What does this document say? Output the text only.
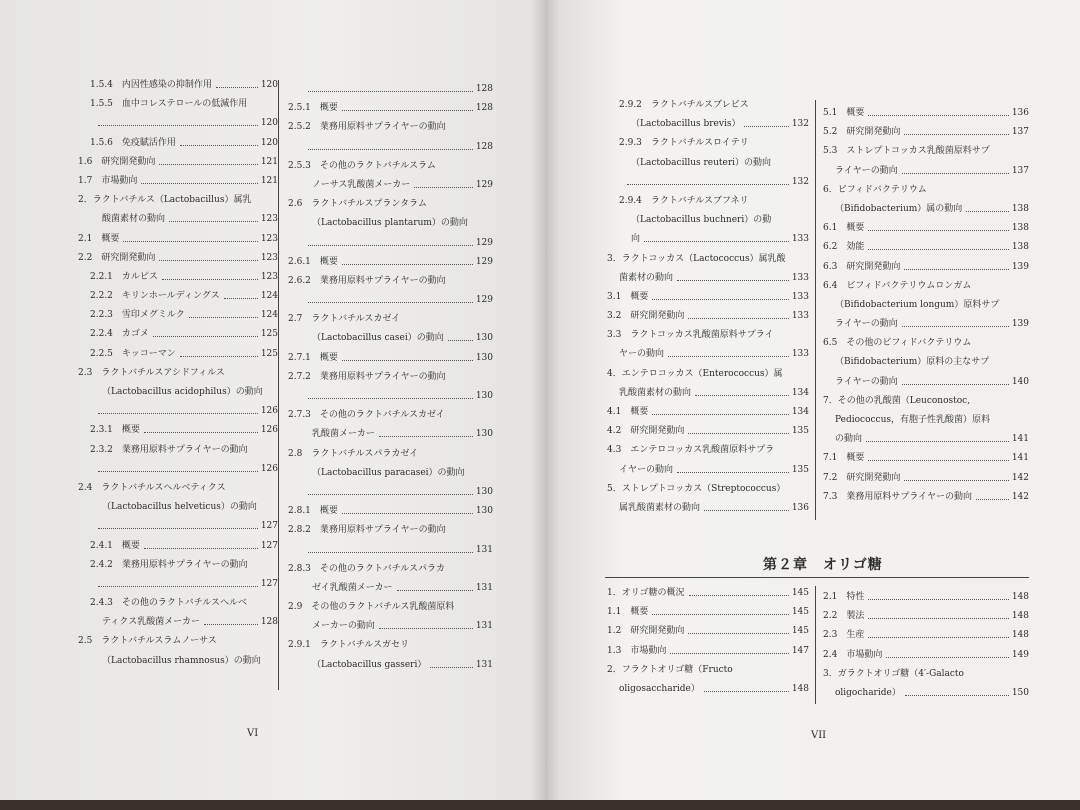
1.5.4　内因性感染の抑制作用	120
1.5.5　血中コレステロールの低減作用
120
1.5.6　免疫賦活作用	120
1.6　研究開発動向	121
1.7　市場動向	121
2．ラクトバチルス（Lactobacillus）属乳
酸菌素材の動向	123
2.1　概要	123
2.2　研究開発動向	123
2.2.1　カルピス	123
2.2.2　キリンホールディングス	124
2.2.3　雪印メグミルク	124
2.2.4　カゴメ	125
2.2.5　キッコーマン	125
2.3　ラクトバチルスアシドフィルス
（Lactobacillus acidophilus）の動向
126
2.3.1　概要	126
2.3.2　業務用原料サプライヤーの動向
126
2.4　ラクトバチルスヘルベティクス
（Lactobacillus helveticus）の動向
127
2.4.1　概要	127
2.4.2　業務用原料サプライヤーの動向
127
2.4.3　その他のラクトバチルスヘルベ
ティクス乳酸菌メーカー	128
2.5　ラクトバチルスラムノーサス
（Lactobacillus rhamnosus）の動向
128
2.5.1　概要	128
2.5.2　業務用原料サプライヤーの動向
128
2.5.3　その他のラクトバチルスラム
ノーサス乳酸菌メーカー	129
2.6　ラクトバチルスプランタラム
（Lactobacillus plantarum）の動向
129
2.6.1　概要	129
2.6.2　業務用原料サプライヤーの動向
129
2.7　ラクトバチルスカゼイ
（Lactobacillus casei）の動向	130
2.7.1　概要	130
2.7.2　業務用原料サプライヤーの動向
130
2.7.3　その他のラクトバチルスカゼイ
乳酸菌メーカー	130
2.8　ラクトバチルスパラカゼイ
（Lactobacillus paracasei）の動向
130
2.8.1　概要	130
2.8.2　業務用原料サプライヤーの動向
131
2.8.3　その他のラクトバチルスパラカ
ゼイ乳酸菌メーカー	131
2.9　その他のラクトバチルス乳酸菌原料
メーカーの動向	131
2.9.1　ラクトバチルスガセリ
（Lactobacillus gasseri）	131
VI
2.9.2　ラクトバチルスブレビス
（Lactobacillus brevis）	132
2.9.3　ラクトバチルスロイテリ
（Lactobacillus reuteri）の動向
132
2.9.4　ラクトバチルスブフネリ
（Lactobacillus buchneri）の動
向	133
3．ラクトコッカス（Lactococcus）属乳酸
菌素材の動向	133
3.1　概要	133
3.2　研究開発動向	133
3.3　ラクトコッカス乳酸菌原料サプライ
ヤーの動向	133
4．エンテロコッカス（Enterococcus）属
乳酸菌素材の動向	134
4.1　概要	134
4.2　研究開発動向	135
4.3　エンテロコッカス乳酸菌原料サプラ
イヤーの動向	135
5．ストレプトコッカス（Streptococcus）
属乳酸菌素材の動向	136
5.1　概要	136
5.2　研究開発動向	137
5.3　ストレプトコッカス乳酸菌原料サプ
ライヤーの動向	137
6．ビフィドバクテリウム
（Bifidobacterium）属の動向	138
6.1　概要	138
6.2　効能	138
6.3　研究開発動向	139
6.4　ビフィドバクテリウムロンガム
（Bifidobacterium longum）原料サプ
ライヤーの動向	139
6.5　その他のビフィドバクテリウム
（Bifidobacterium）原料の主なサプ
ライヤーの動向	140
7．その他の乳酸菌（Leuconostoc,
Pediococcus，有胞子性乳酸菌）原料
の動向	141
7.1　概要	141
7.2　研究開発動向	142
7.3　業務用原料サプライヤーの動向	142
第２章　オリゴ糖
1．オリゴ糖の概況	145
1.1　概要	145
1.2　研究開発動向	145
1.3　市場動向	147
2．フラクトオリゴ糖（Fructo
oligosaccharide）	148
2.1　特性	148
2.2　製法	148
2.3　生産	148
2.4　市場動向	149
3．ガラクトオリゴ糖（4′-Galacto
oligocharide）	150
VII
